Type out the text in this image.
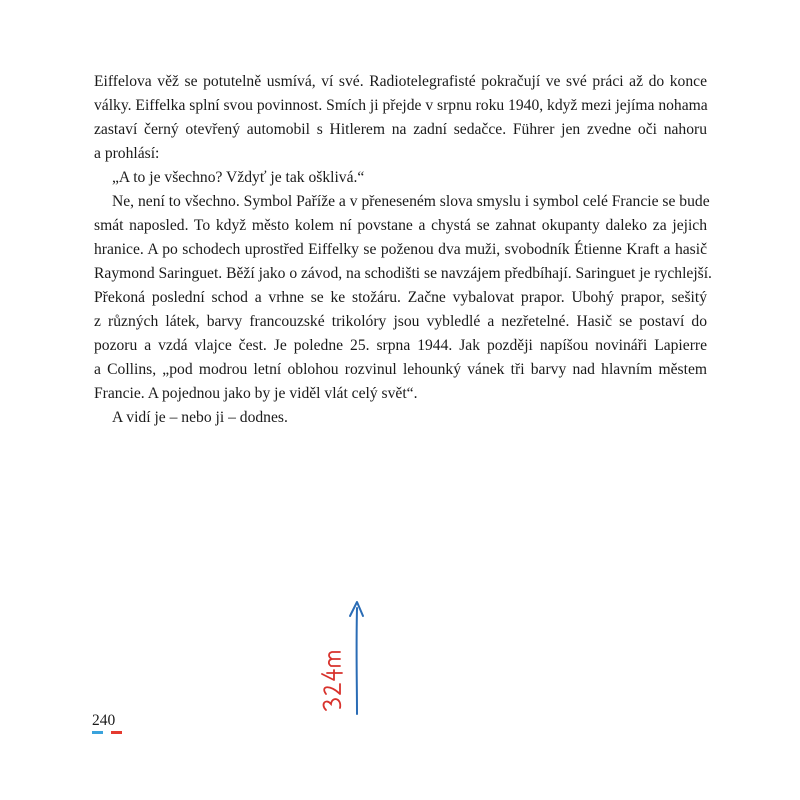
Eiffelova věž se potutelně usmívá, ví své. Radiotelegrafisté pokračují ve své práci až do konce
války. Eiffelka splní svou povinnost. Smích ji přejde v srpnu roku 1940, když mezi jejíma nohama
zastaví černý otevřený automobil s Hitlerem na zadní sedačce. Führer jen zvedne oči nahoru
a prohlásí:
„A to je všechno? Vždyť je tak ošklivá.“
Ne, není to všechno. Symbol Paříže a v přeneseném slova smyslu i symbol celé Francie se bude
smát naposled. To když město kolem ní povstane a chystá se zahnat okupanty daleko za jejich
hranice. A po schodech uprostřed Eiffelky se poženou dva muži, svobodník Étienne Kraft a hasič
Raymond Saringuet. Běží jako o závod, na schodišti se navzájem předbíhají. Saringuet je rychlejší.
Překoná poslední schod a vrhne se ke stožáru. Začne vybalovat prapor. Ubohý prapor, sešitý
z různých látek, barvy francouzské trikolóry jsou vybledlé a nezřetelné. Hasič se postaví do
pozoru a vzdá vlajce čest. Je poledne 25. srpna 1944. Jak později napíšou novináři Lapierre
a Collins, „pod modrou letní oblohou rozvinul lehounký vánek tři barvy nad hlavním městem
Francie. A pojednou jako by je viděl vlát celý svět“.
A vidí je – nebo ji – dodnes.
240
